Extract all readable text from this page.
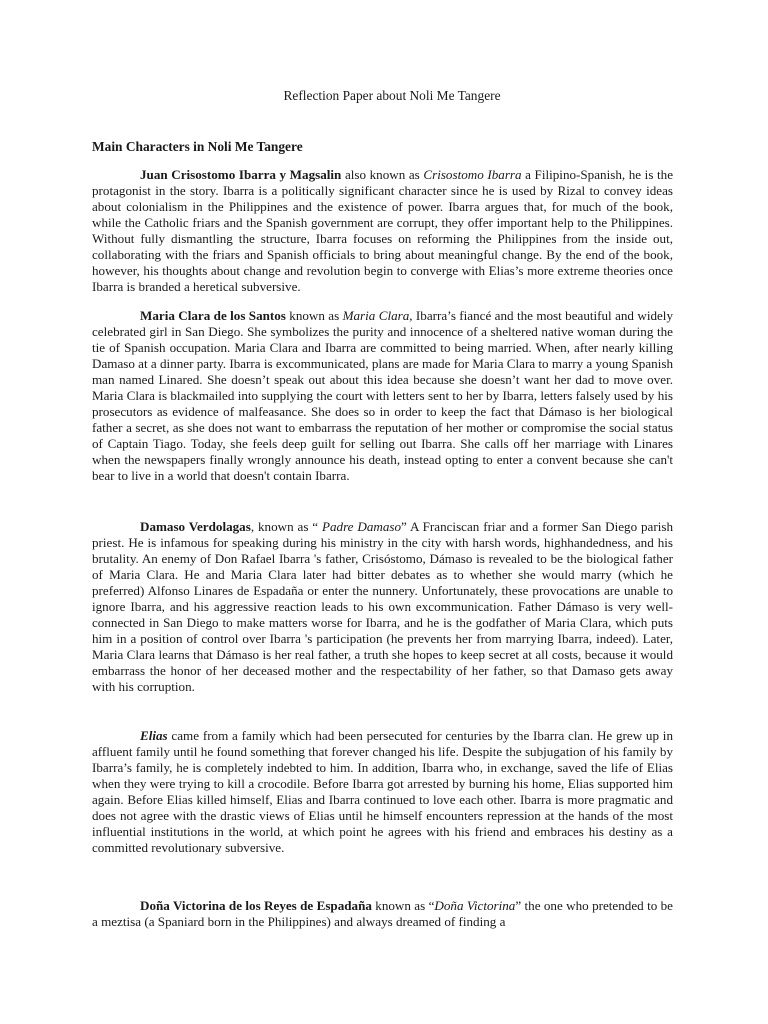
Reflection Paper about Noli Me Tangere
Main Characters in Noli Me Tangere

Juan Crisostomo Ibarra y Magsalin also known as Crisostomo Ibarra a Filipino-Spanish, he is the protagonist in the story. Ibarra is a politically significant character since he is used by Rizal to convey ideas about colonialism in the Philippines and the existence of power. Ibarra argues that, for much of the book, while the Catholic friars and the Spanish government are corrupt, they offer important help to the Philippines. Without fully dismantling the structure, Ibarra focuses on reforming the Philippines from the inside out, collaborating with the friars and Spanish officials to bring about meaningful change. By the end of the book, however, his thoughts about change and revolution begin to converge with Elias’s more extreme theories once Ibarra is branded a heretical subversive.

Maria Clara de los Santos known as Maria Clara, Ibarra’s fiancé and the most beautiful and widely celebrated girl in San Diego. She symbolizes the purity and innocence of a sheltered native woman during the tie of Spanish occupation. Maria Clara and Ibarra are committed to being married. When, after nearly killing Damaso at a dinner party. Ibarra is excommunicated, plans are made for Maria Clara to marry a young Spanish man named Linared. She doesn’t speak out about this idea because she doesn’t want her dad to move over. Maria Clara is blackmailed into supplying the court with letters sent to her by Ibarra, letters falsely used by his prosecutors as evidence of malfeasance. She does so in order to keep the fact that Dámaso is her biological father a secret, as she does not want to embarrass the reputation of her mother or compromise the social status of Captain Tiago. Today, she feels deep guilt for selling out Ibarra. She calls off her marriage with Linares when the newspapers finally wrongly announce his death, instead opting to enter a convent because she can't bear to live in a world that doesn't contain Ibarra.

Damaso Verdolagas, known as “ Padre Damaso” A Franciscan friar and a former San Diego parish priest. He is infamous for speaking during his ministry in the city with harsh words, highhandedness, and his brutality. An enemy of Don Rafael Ibarra 's father, Crisóstomo, Dámaso is revealed to be the biological father of Maria Clara. He and Maria Clara later had bitter debates as to whether she would marry (which he preferred) Alfonso Linares de Espadaña or enter the nunnery. Unfortunately, these provocations are unable to ignore Ibarra, and his aggressive reaction leads to his own excommunication. Father Dámaso is very well-connected in San Diego to make matters worse for Ibarra, and he is the godfather of Maria Clara, which puts him in a position of control over Ibarra 's participation (he prevents her from marrying Ibarra, indeed). Later, Maria Clara learns that Dámaso is her real father, a truth she hopes to keep secret at all costs, because it would embarrass the honor of her deceased mother and the respectability of her father, so that Damaso gets away with his corruption.

Elias came from a family which had been persecuted for centuries by the Ibarra clan. He grew up in affluent family until he found something that forever changed his life. Despite the subjugation of his family by Ibarra’s family, he is completely indebted to him. In addition, Ibarra who, in exchange, saved the life of Elias when they were trying to kill a crocodile. Before Ibarra got arrested by burning his home, Elias supported him again. Before Elias killed himself, Elias and Ibarra continued to love each other. Ibarra is more pragmatic and does not agree with the drastic views of Elias until he himself encounters repression at the hands of the most influential institutions in the world, at which point he agrees with his friend and embraces his destiny as a committed revolutionary subversive.

Doña Victorina de los Reyes de Espadaña known as “Doña Victorina” the one who pretended to be a meztisa (a Spaniard born in the Philippines) and always dreamed of finding a
